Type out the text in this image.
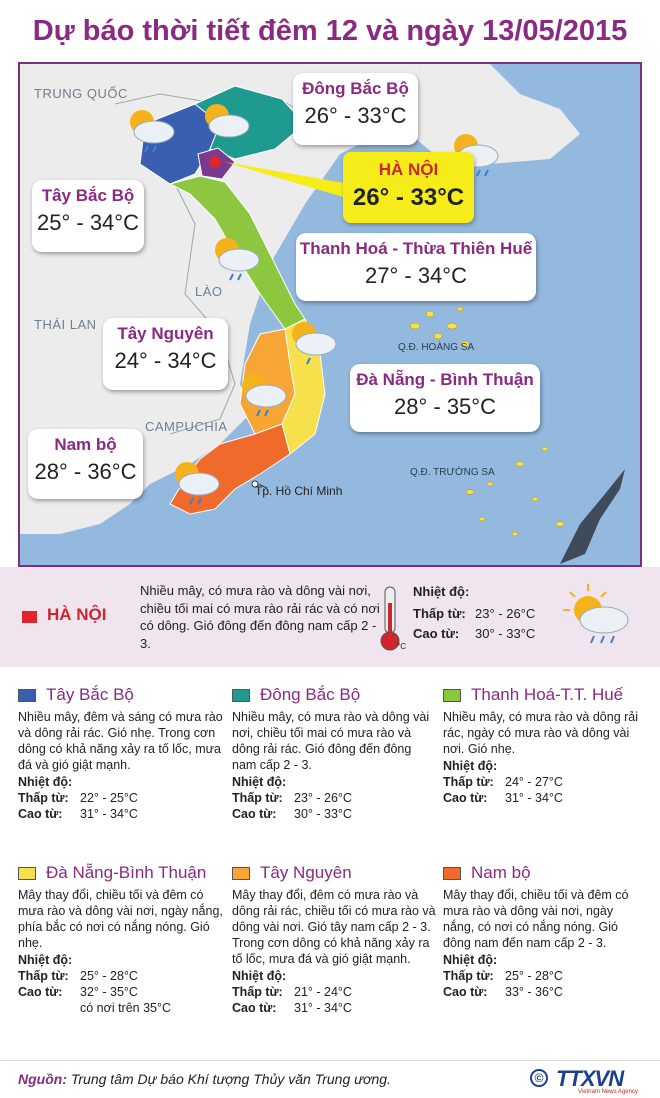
Dự báo thời tiết đêm 12 và ngày 13/05/2015
TRUNG QUỐC
LÀO
THÁI LAN
CAMPUCHIA
Q.Đ. HOÀNG SA
Q.Đ. TRƯỜNG SA
Tp. Hồ Chí Minh
Đông Bắc Bộ
26° - 33°C
Tây Bắc Bộ
25° - 34°C
Thanh Hoá - Thừa Thiên Huế
27° - 34°C
Tây Nguyên
24° - 34°C
Đà Nẵng - Bình Thuận
28° - 35°C
Nam bộ
28° - 36°C
HÀ NỘI
26° - 33°C
HÀ NỘI
Nhiều mây, có mưa rào và dông vài nơi, chiều tối mai có mưa rào rải rác và có nơi có dông. Gió đông đến đông nam cấp 2 - 3.	°C
Nhiệt độ:
Thấp từ: 23° - 26°C
Cao từ: 30° - 33°C
Tây Bắc Bộ
Nhiều mây, đêm và sáng có mưa rào và dông rải rác. Gió nhẹ. Trong cơn dông có khả năng xảy ra tố lốc, mưa đá và gió giật mạnh.
Nhiệt độ:
Thấp từ: 22° - 25°C
Cao từ: 31° - 34°C
Đông Bắc Bộ
Nhiều mây, có mưa rào và dông vài nơi, chiều tối mai có mưa rào và dông rải rác. Gió đông đến đông nam cấp 2 - 3.
Nhiệt độ:
Thấp từ: 23° - 26°C
Cao từ: 30° - 33°C
Thanh Hoá-T.T. Huế
Nhiều mây, có mưa rào và dông rải rác, ngày có mưa rào và dông vài nơi. Gió nhẹ.
Nhiệt độ:
Thấp từ: 24° - 27°C
Cao từ: 31° - 34°C
Đà Nẵng-Bình Thuận
Mây thay đổi, chiều tối và đêm có mưa rào và dông vài nơi, ngày nắng, phía bắc có nơi có nắng nóng. Gió nhẹ.
Nhiệt độ:
Thấp từ: 25° - 28°C
Cao từ: 32° - 35°C
có nơi trên 35°C
Tây Nguyên
Mây thay đổi, đêm có mưa rào và dông rải rác, chiều tối có mưa rào và dông vài nơi. Gió tây nam cấp 2 - 3. Trong cơn dông có khả năng xảy ra tố lốc, mưa đá và gió giật mạnh.
Nhiệt độ:
Thấp từ: 21° - 24°C
Cao từ: 31° - 34°C
Nam bộ
Mây thay đổi, chiều tối và đêm có mưa rào và dông vài nơi, ngày nắng, có nơi có nắng nóng. Gió đông nam đến nam cấp 2 - 3.
Nhiệt độ:
Thấp từ: 25° - 28°C
Cao từ: 33° - 36°C
Nguồn: Trung tâm Dự báo Khí tượng Thủy văn Trung ương.	© TTXVN
Vietnam News Agency
